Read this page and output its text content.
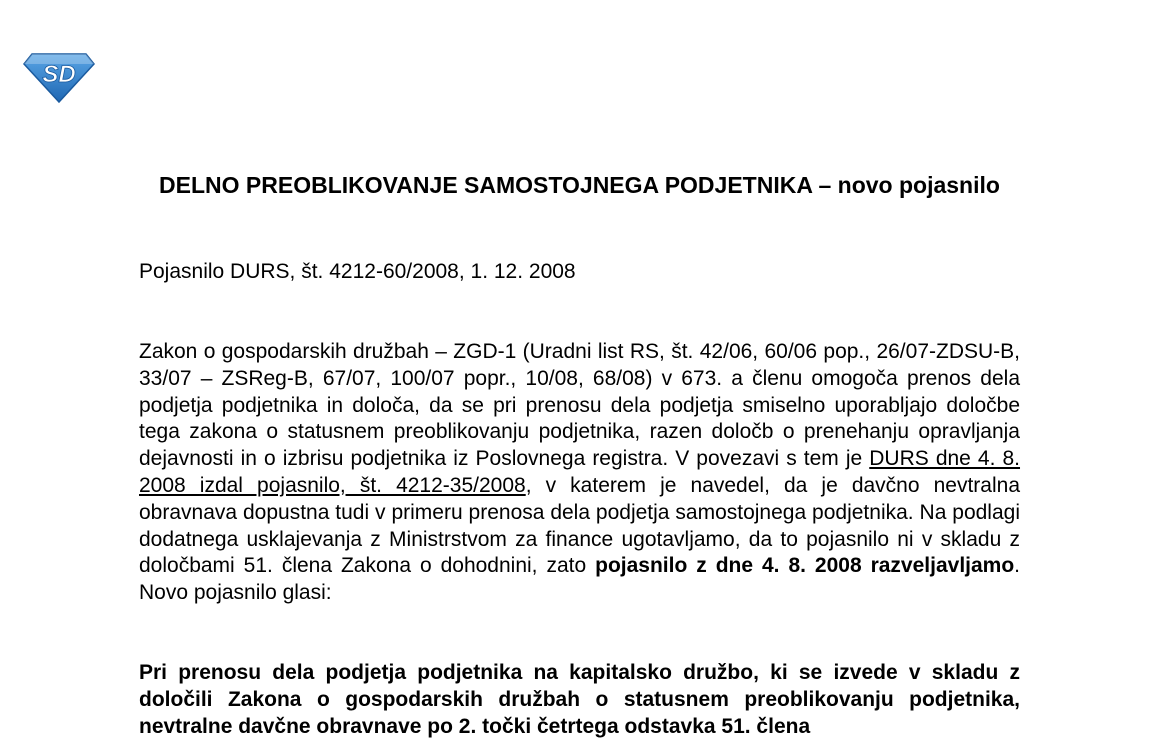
SD
DELNO PREOBLIKOVANJE SAMOSTOJNEGA PODJETNIKA – novo pojasnilo

Pojasnilo DURS, št. 4212-60/2008, 1. 12. 2008

Zakon o gospodarskih družbah – ZGD-1 (Uradni list RS, št. 42/06, 60/06 pop., 26/07-ZDSU-B, 33/07 – ZSReg-B, 67/07, 100/07 popr., 10/08, 68/08) v 673. a členu omogoča prenos dela podjetja podjetnika in določa, da se pri prenosu dela podjetja smiselno uporabljajo določbe tega zakona o statusnem preoblikovanju podjetnika, razen določb o prenehanju opravljanja dejavnosti in o izbrisu podjetnika iz Poslovnega registra. V povezavi s tem je DURS dne 4. 8. 2008 izdal pojasnilo, št. 4212-35/2008, v katerem je navedel, da je davčno nevtralna obravnava dopustna tudi v primeru prenosa dela podjetja samostojnega podjetnika. Na podlagi dodatnega usklajevanja z Ministrstvom za finance ugotavljamo, da to pojasnilo ni v skladu z določbami 51. člena Zakona o dohodnini, zato pojasnilo z dne 4. 8. 2008 razveljavljamo. Novo pojasnilo glasi:

Pri prenosu dela podjetja podjetnika na kapitalsko družbo, ki se izvede v skladu z določili Zakona o gospodarskih družbah o statusnem preoblikovanju podjetnika, nevtralne davčne obravnave po 2. točki četrtega odstavka 51. člena
